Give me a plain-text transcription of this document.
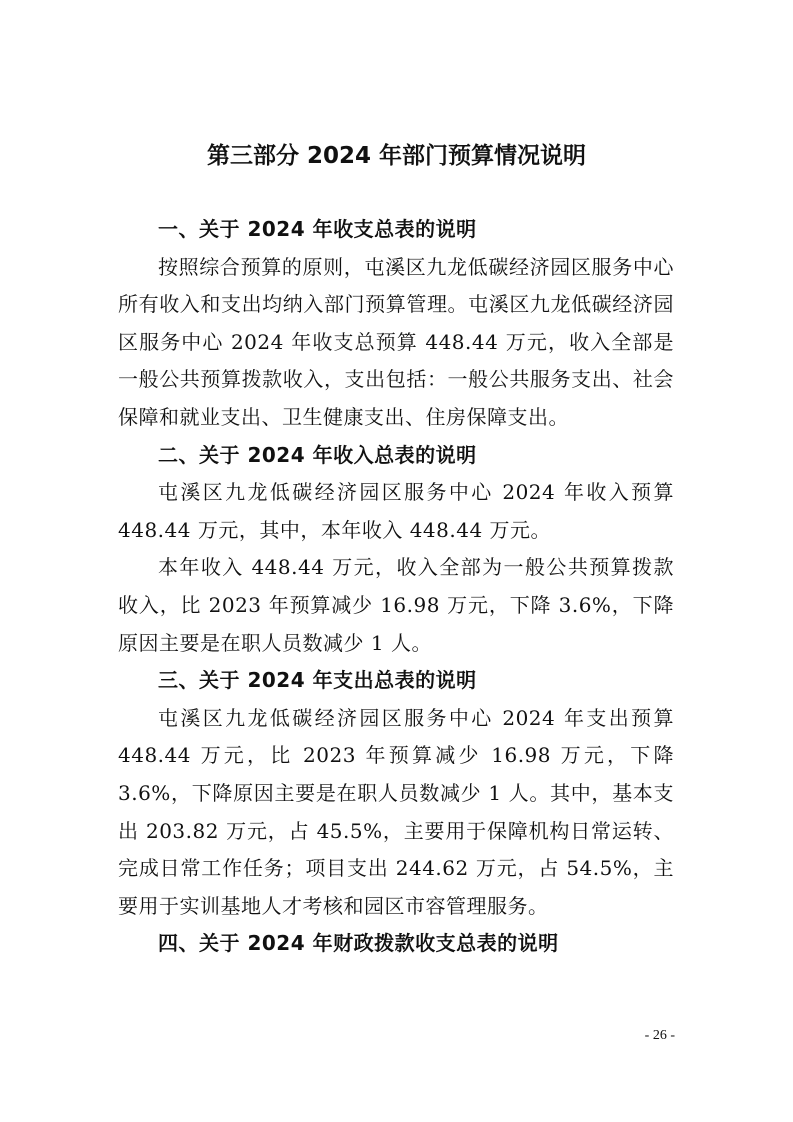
第三部分 2024 年部门预算情况说明
一、关于 2024 年收支总表的说明

按照综合预算的原则，屯溪区九龙低碳经济园区服务中心所有收入和支出均纳入部门预算管理。屯溪区九龙低碳经济园区服务中心 2024 年收支总预算 448.44 万元，收入全部是一般公共预算拨款收入，支出包括：一般公共服务支出、社会保障和就业支出、卫生健康支出、住房保障支出。

二、关于 2024 年收入总表的说明

屯溪区九龙低碳经济园区服务中心 2024 年收入预算 448.44 万元，其中，本年收入 448.44 万元。

本年收入 448.44 万元，收入全部为一般公共预算拨款收入，比 2023 年预算减少 16.98 万元，下降 3.6%，下降原因主要是在职人员数减少 1 人。

三、关于 2024 年支出总表的说明

屯溪区九龙低碳经济园区服务中心 2024 年支出预算 448.44 万元，比 2023 年预算减少 16.98 万元，下降 3.6%，下降原因主要是在职人员数减少 1 人。其中，基本支出 203.82 万元，占 45.5%，主要用于保障机构日常运转、完成日常工作任务；项目支出 244.62 万元，占 54.5%，主要用于实训基地人才考核和园区市容管理服务。

四、关于 2024 年财政拨款收支总表的说明
- 26 -
